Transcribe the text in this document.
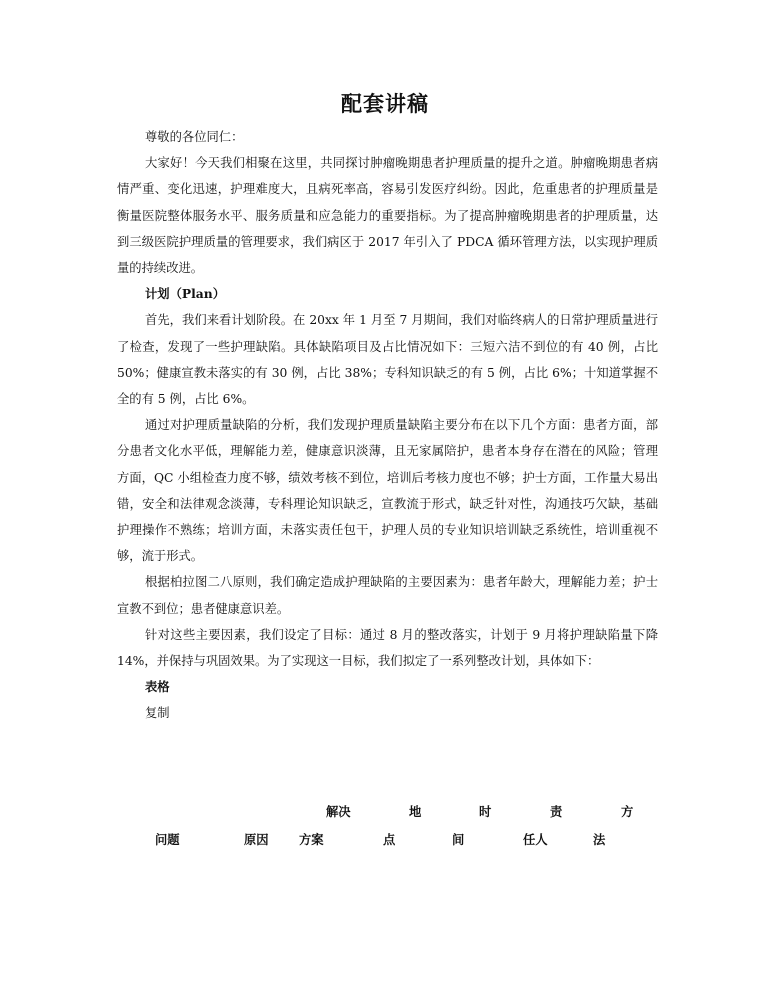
配套讲稿

尊敬的各位同仁：

大家好！今天我们相聚在这里，共同探讨肿瘤晚期患者护理质量的提升之道。肿瘤晚期患者病情严重、变化迅速，护理难度大，且病死率高，容易引发医疗纠纷。因此，危重患者的护理质量是衡量医院整体服务水平、服务质量和应急能力的重要指标。为了提高肿瘤晚期患者的护理质量，达到三级医院护理质量的管理要求，我们病区于 2017 年引入了 PDCA 循环管理方法，以实现护理质量的持续改进。

计划（Plan）

首先，我们来看计划阶段。在 20xx 年 1 月至 7 月期间，我们对临终病人的日常护理质量进行了检查，发现了一些护理缺陷。具体缺陷项目及占比情况如下：三短六洁不到位的有 40 例，占比 50%；健康宣教未落实的有 30 例，占比 38%；专科知识缺乏的有 5 例，占比 6%；十知道掌握不全的有 5 例，占比 6%。

通过对护理质量缺陷的分析，我们发现护理质量缺陷主要分布在以下几个方面：患者方面，部分患者文化水平低，理解能力差，健康意识淡薄，且无家属陪护，患者本身存在潜在的风险；管理方面，QC 小组检查力度不够，绩效考核不到位，培训后考核力度也不够；护士方面，工作量大易出错，安全和法律观念淡薄，专科理论知识缺乏，宣教流于形式，缺乏针对性，沟通技巧欠缺，基础护理操作不熟练；培训方面，未落实责任包干，护理人员的专业知识培训缺乏系统性，培训重视不够，流于形式。

根据柏拉图二八原则，我们确定造成护理缺陷的主要因素为：患者年龄大，理解能力差；护士宣教不到位；患者健康意识差。

针对这些主要因素，我们设定了目标：通过 8 月的整改落实，计划于 9 月将护理缺陷量下降 14%，并保持与巩固效果。为了实现这一目标，我们拟定了一系列整改计划，具体如下：

表格

复制

问题	原因
解决
方案
地
点
时
间
责
任人
方
法
